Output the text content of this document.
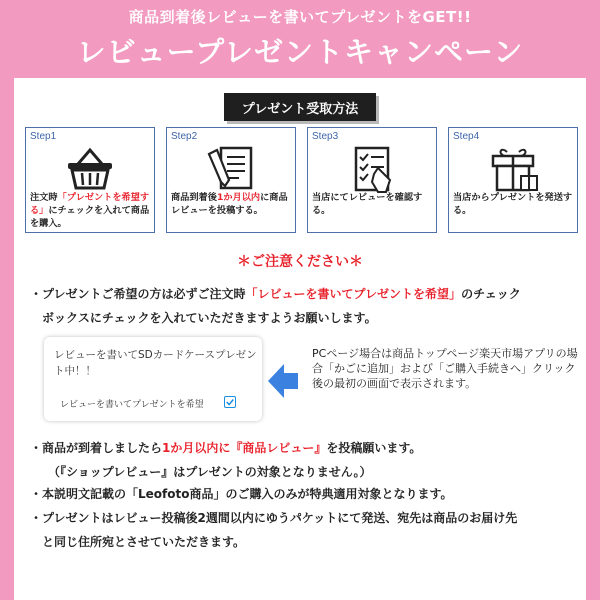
商品到着後レビューを書いてプレゼントをGET!!
レビュープレゼントキャンペーン
プレゼント受取方法
Step1
注文時「プレゼントを希望する」にチェックを入れて商品を購入。
Step2
商品到着後1か月以内に商品レビューを投稿する。
Step3
当店にてレビューを確認する。
Step4
当店からプレゼントを発送する。
＊ご注意ください＊
・プレゼントご希望の方は必ずご注文時「レビューを書いてプレゼントを希望」のチェック
ボックスにチェックを入れていただきますようお願いします。
レビューを書いてSDカードケースプレゼント中！！
レビューを書いてプレゼントを希望
PCページ場合は商品トップページ楽天市場アプリの場合「かごに追加」および「ご購入手続きへ」クリック後の最初の画面で表示されます。
・商品が到着しましたら1か月以内に『商品レビュー』を投稿願います。
（『ショップレビュー』はプレゼントの対象となりません。）
・本説明文記載の「Leofoto商品」のご購入のみが特典適用対象となります。
・プレゼントはレビュー投稿後2週間以内にゆうパケットにて発送、宛先は商品のお届け先
と同じ住所宛とさせていただきます。
